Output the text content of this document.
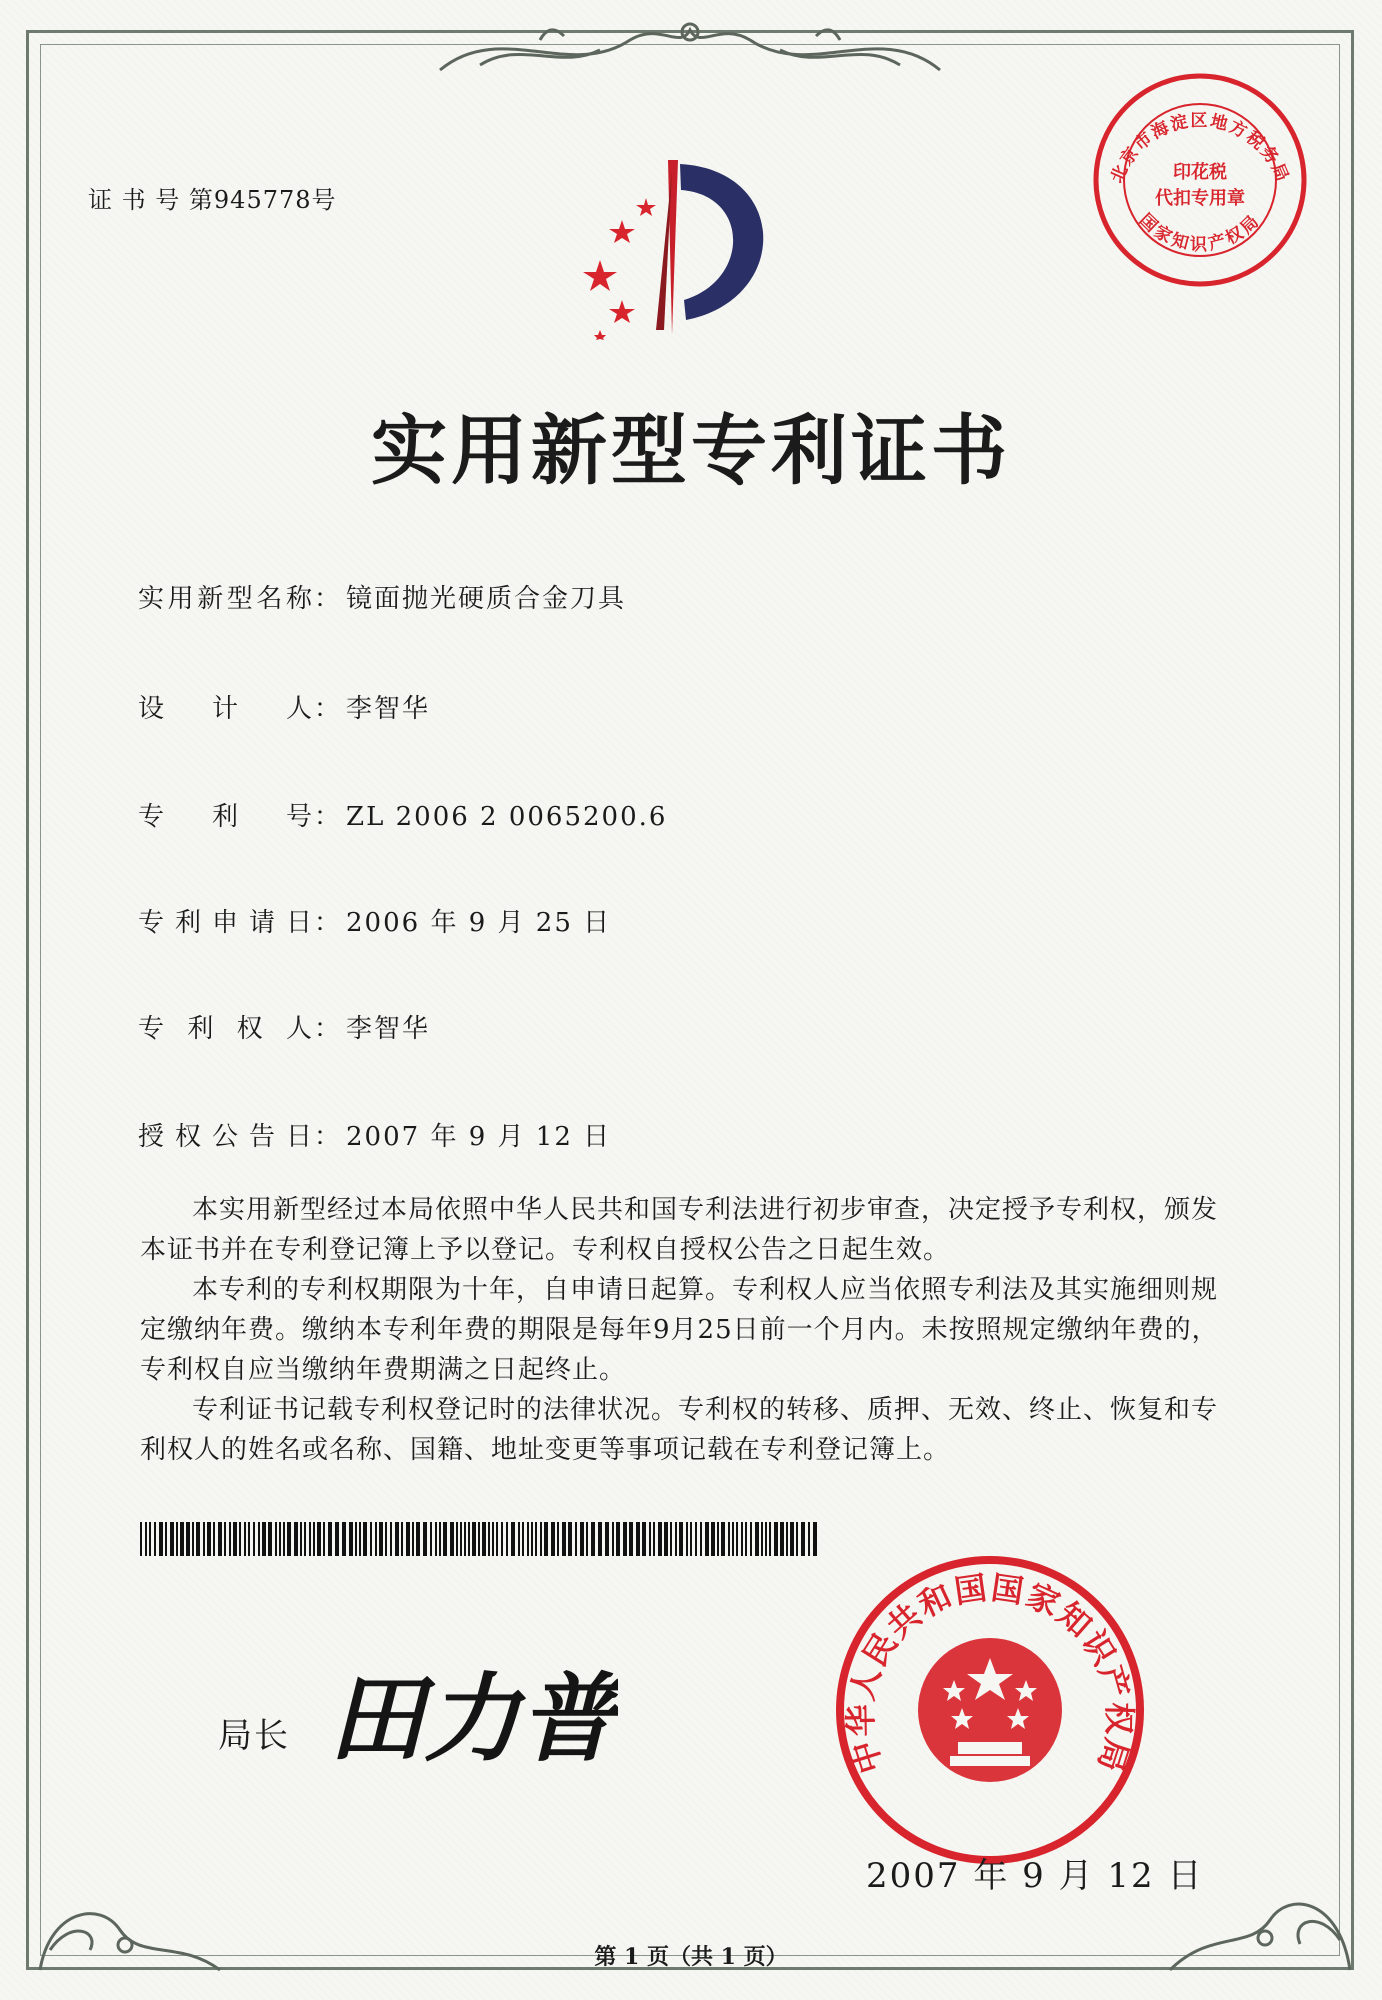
证 书 号 第945778号
北京市海淀区地方税务局
国家知识产权局
印花税
代扣专用章
实用新型专利证书
实用新型名称： 镜面抛光硬质合金刀具
设计人： 李智华
专利号： ZL 2006 2 0065200.6
专利申请日： 2006 年 9 月 25 日
专利权人： 李智华
授权公告日： 2007 年 9 月 12 日

本实用新型经过本局依照中华人民共和国专利法进行初步审查，决定授予专利权，颁发本证书并在专利登记簿上予以登记。专利权自授权公告之日起生效。

本专利的专利权期限为十年，自申请日起算。专利权人应当依照专利法及其实施细则规定缴纳年费。缴纳本专利年费的期限是每年9月25日前一个月内。未按照规定缴纳年费的，专利权自应当缴纳年费期满之日起终止。

专利证书记载专利权登记时的法律状况。专利权的转移、质押、无效、终止、恢复和专利权人的姓名或名称、国籍、地址变更等事项记载在专利登记簿上。

局长 田力普	中华人民共和国国家知识产权局
2007 年 9 月 12 日
第 1 页（共 1 页）
